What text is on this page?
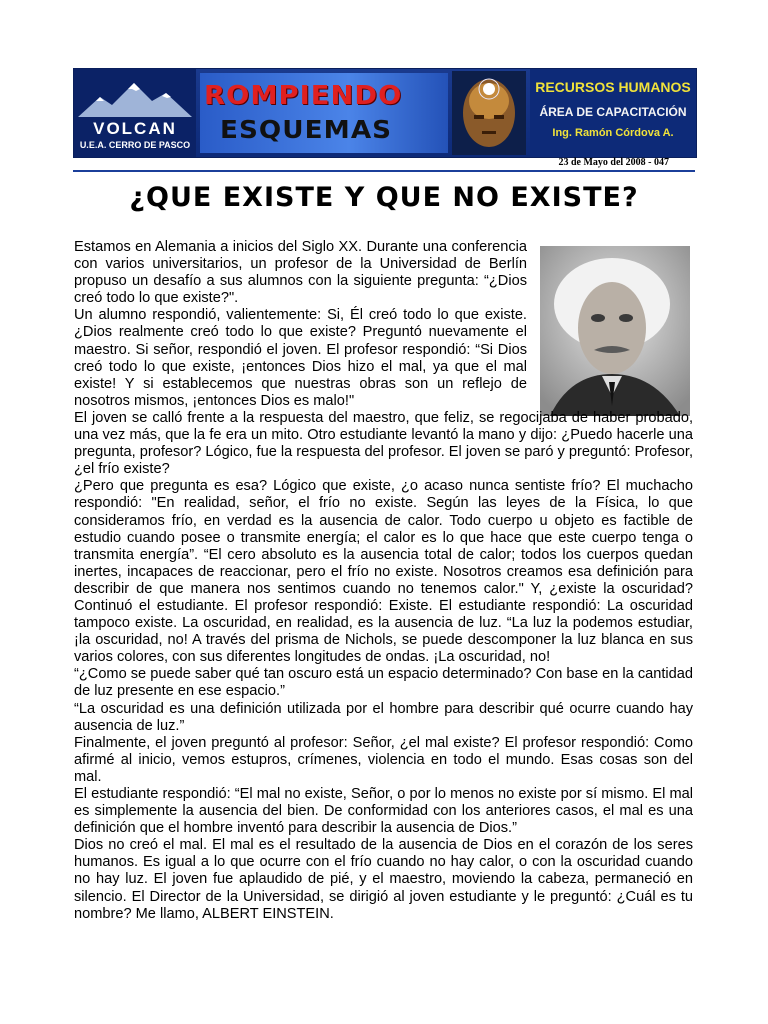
VOLCAN
U.E.A. CERRO DE PASCO
ROMPIENDO
ESQUEMAS
RECURSOS HUMANOS
ÁREA DE CAPACITACIÓN
Ing. Ramón Córdova A.
23 de Mayo del 2008 - 047
¿QUE EXISTE Y QUE NO EXISTE?

Estamos en Alemania a inicios del Siglo XX. Durante una conferencia con varios universitarios, un profesor de la Universidad de Berlín propuso un desafío a sus alumnos con la siguiente pregunta: “¿Dios creó todo lo que existe?".

Un alumno respondió, valientemente: Si, Él creó todo lo que existe. ¿Dios realmente creó todo lo que existe? Preguntó nuevamente el maestro. Si señor, respondió el joven. El profesor respondió: “Si Dios creó todo lo que existe, ¡entonces Dios hizo el mal, ya que el mal existe! Y si establecemos que nuestras obras son un reflejo de nosotros mismos, ¡entonces Dios es malo!"

El joven se calló frente a la respuesta del maestro, que feliz, se regocijaba de haber probado, una vez más, que la fe era un mito. Otro estudiante levantó la mano y dijo: ¿Puedo hacerle una pregunta, profesor? Lógico, fue la respuesta del profesor. El joven se paró y preguntó: Profesor, ¿el frío existe?

¿Pero que pregunta es esa? Lógico que existe, ¿o acaso nunca sentiste frío? El muchacho respondió: "En realidad, señor, el frío no existe. Según las leyes de la Física, lo que consideramos frío, en verdad es la ausencia de calor. Todo cuerpo u objeto es factible de estudio cuando posee o transmite energía; el calor es lo que hace que este cuerpo tenga o transmita energía”. “El cero absoluto es la ausencia total de calor; todos los cuerpos quedan inertes, incapaces de reaccionar, pero el frío no existe. Nosotros creamos esa definición para describir de que manera nos sentimos cuando no tenemos calor." Y, ¿existe la oscuridad? Continuó el estudiante. El profesor respondió: Existe. El estudiante respondió: La oscuridad tampoco existe. La oscuridad, en realidad, es la ausencia de luz. “La luz la podemos estudiar, ¡la oscuridad, no! A través del prisma de Nichols, se puede descomponer la luz blanca en sus varios colores, con sus diferentes longitudes de ondas. ¡La oscuridad, no!

“¿Como se puede saber qué tan oscuro está un espacio determinado? Con base en la cantidad de luz presente en ese espacio.”

“La oscuridad es una definición utilizada por el hombre para describir qué ocurre cuando hay ausencia de luz.”

Finalmente, el joven preguntó al profesor: Señor, ¿el mal existe? El profesor respondió: Como afirmé al inicio, vemos estupros, crímenes, violencia en todo el mundo. Esas cosas son del mal.

El estudiante respondió: “El mal no existe, Señor, o por lo menos no existe por sí mismo. El mal es simplemente la ausencia del bien. De conformidad con los anteriores casos, el mal es una definición que el hombre inventó para describir la ausencia de Dios.”

Dios no creó el mal. El mal es el resultado de la ausencia de Dios en el corazón de los seres humanos. Es igual a lo que ocurre con el frío cuando no hay calor, o con la oscuridad cuando no hay luz. El joven fue aplaudido de pié, y el maestro, moviendo la cabeza, permaneció en silencio. El Director de la Universidad, se dirigió al joven estudiante y le preguntó: ¿Cuál es tu nombre? Me llamo, ALBERT EINSTEIN.
